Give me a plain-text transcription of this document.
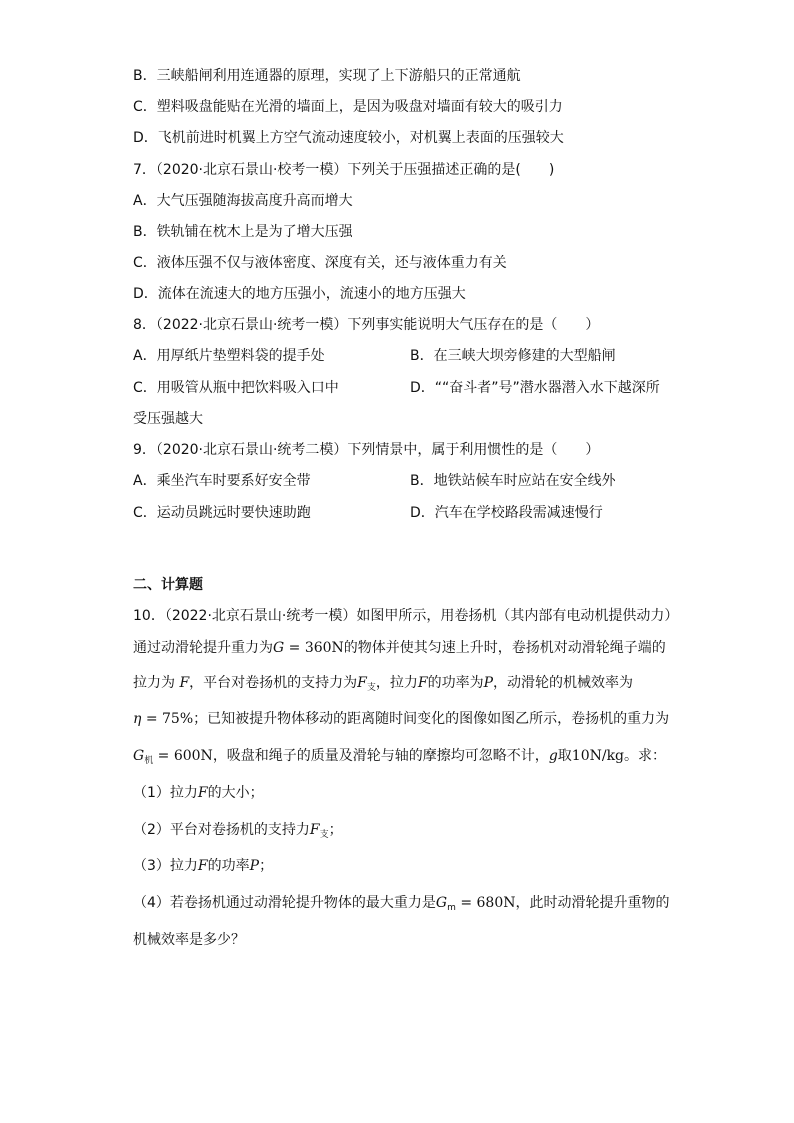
B．三峡船闸利用连通器的原理，实现了上下游船只的正常通航
C．塑料吸盘能贴在光滑的墙面上，是因为吸盘对墙面有较大的吸引力
D．飞机前进时机翼上方空气流动速度较小，对机翼上表面的压强较大
7．（2020·北京石景山·校考一模）下列关于压强描述正确的是(　　)
A．大气压强随海拔高度升高而增大
B．铁轨铺在枕木上是为了增大压强
C．液体压强不仅与液体密度、深度有关，还与液体重力有关
D．流体在流速大的地方压强小，流速小的地方压强大
8．（2022·北京石景山·统考一模）下列事实能说明大气压存在的是（　　）
A．用厚纸片垫塑料袋的提手处	B．在三峡大坝旁修建的大型船闸
C．用吸管从瓶中把饮料吸入口中	D．““奋斗者”号”潜水器潜入水下越深所
受压强越大
9．（2020·北京石景山·统考二模）下列情景中，属于利用惯性的是（　　）
A．乘坐汽车时要系好安全带	B．地铁站候车时应站在安全线外
C．运动员跳远时要快速助跑	D．汽车在学校路段需减速慢行
二、计算题
10．（2022·北京石景山·统考一模）如图甲所示，用卷扬机（其内部有电动机提供动力）
通过动滑轮提升重力为G = 360N的物体并使其匀速上升时，卷扬机对动滑轮绳子端的
拉力为 F，平台对卷扬机的支持力为$F_支$，拉力F的功率为P，动滑轮的机械效率为
η = 75%；已知被提升物体移动的距离随时间变化的图像如图乙所示，卷扬机的重力为
$G_机 = 600N$，吸盘和绳子的质量及滑轮与轴的摩擦均可忽略不计，g取10N/kg。求：
（1）拉力F的大小；
（2）平台对卷扬机的支持力$F_支$；
（3）拉力F的功率P；
（4）若卷扬机通过动滑轮提升物体的最大重力是$G_m = 680N$，此时动滑轮提升重物的
机械效率是多少？
